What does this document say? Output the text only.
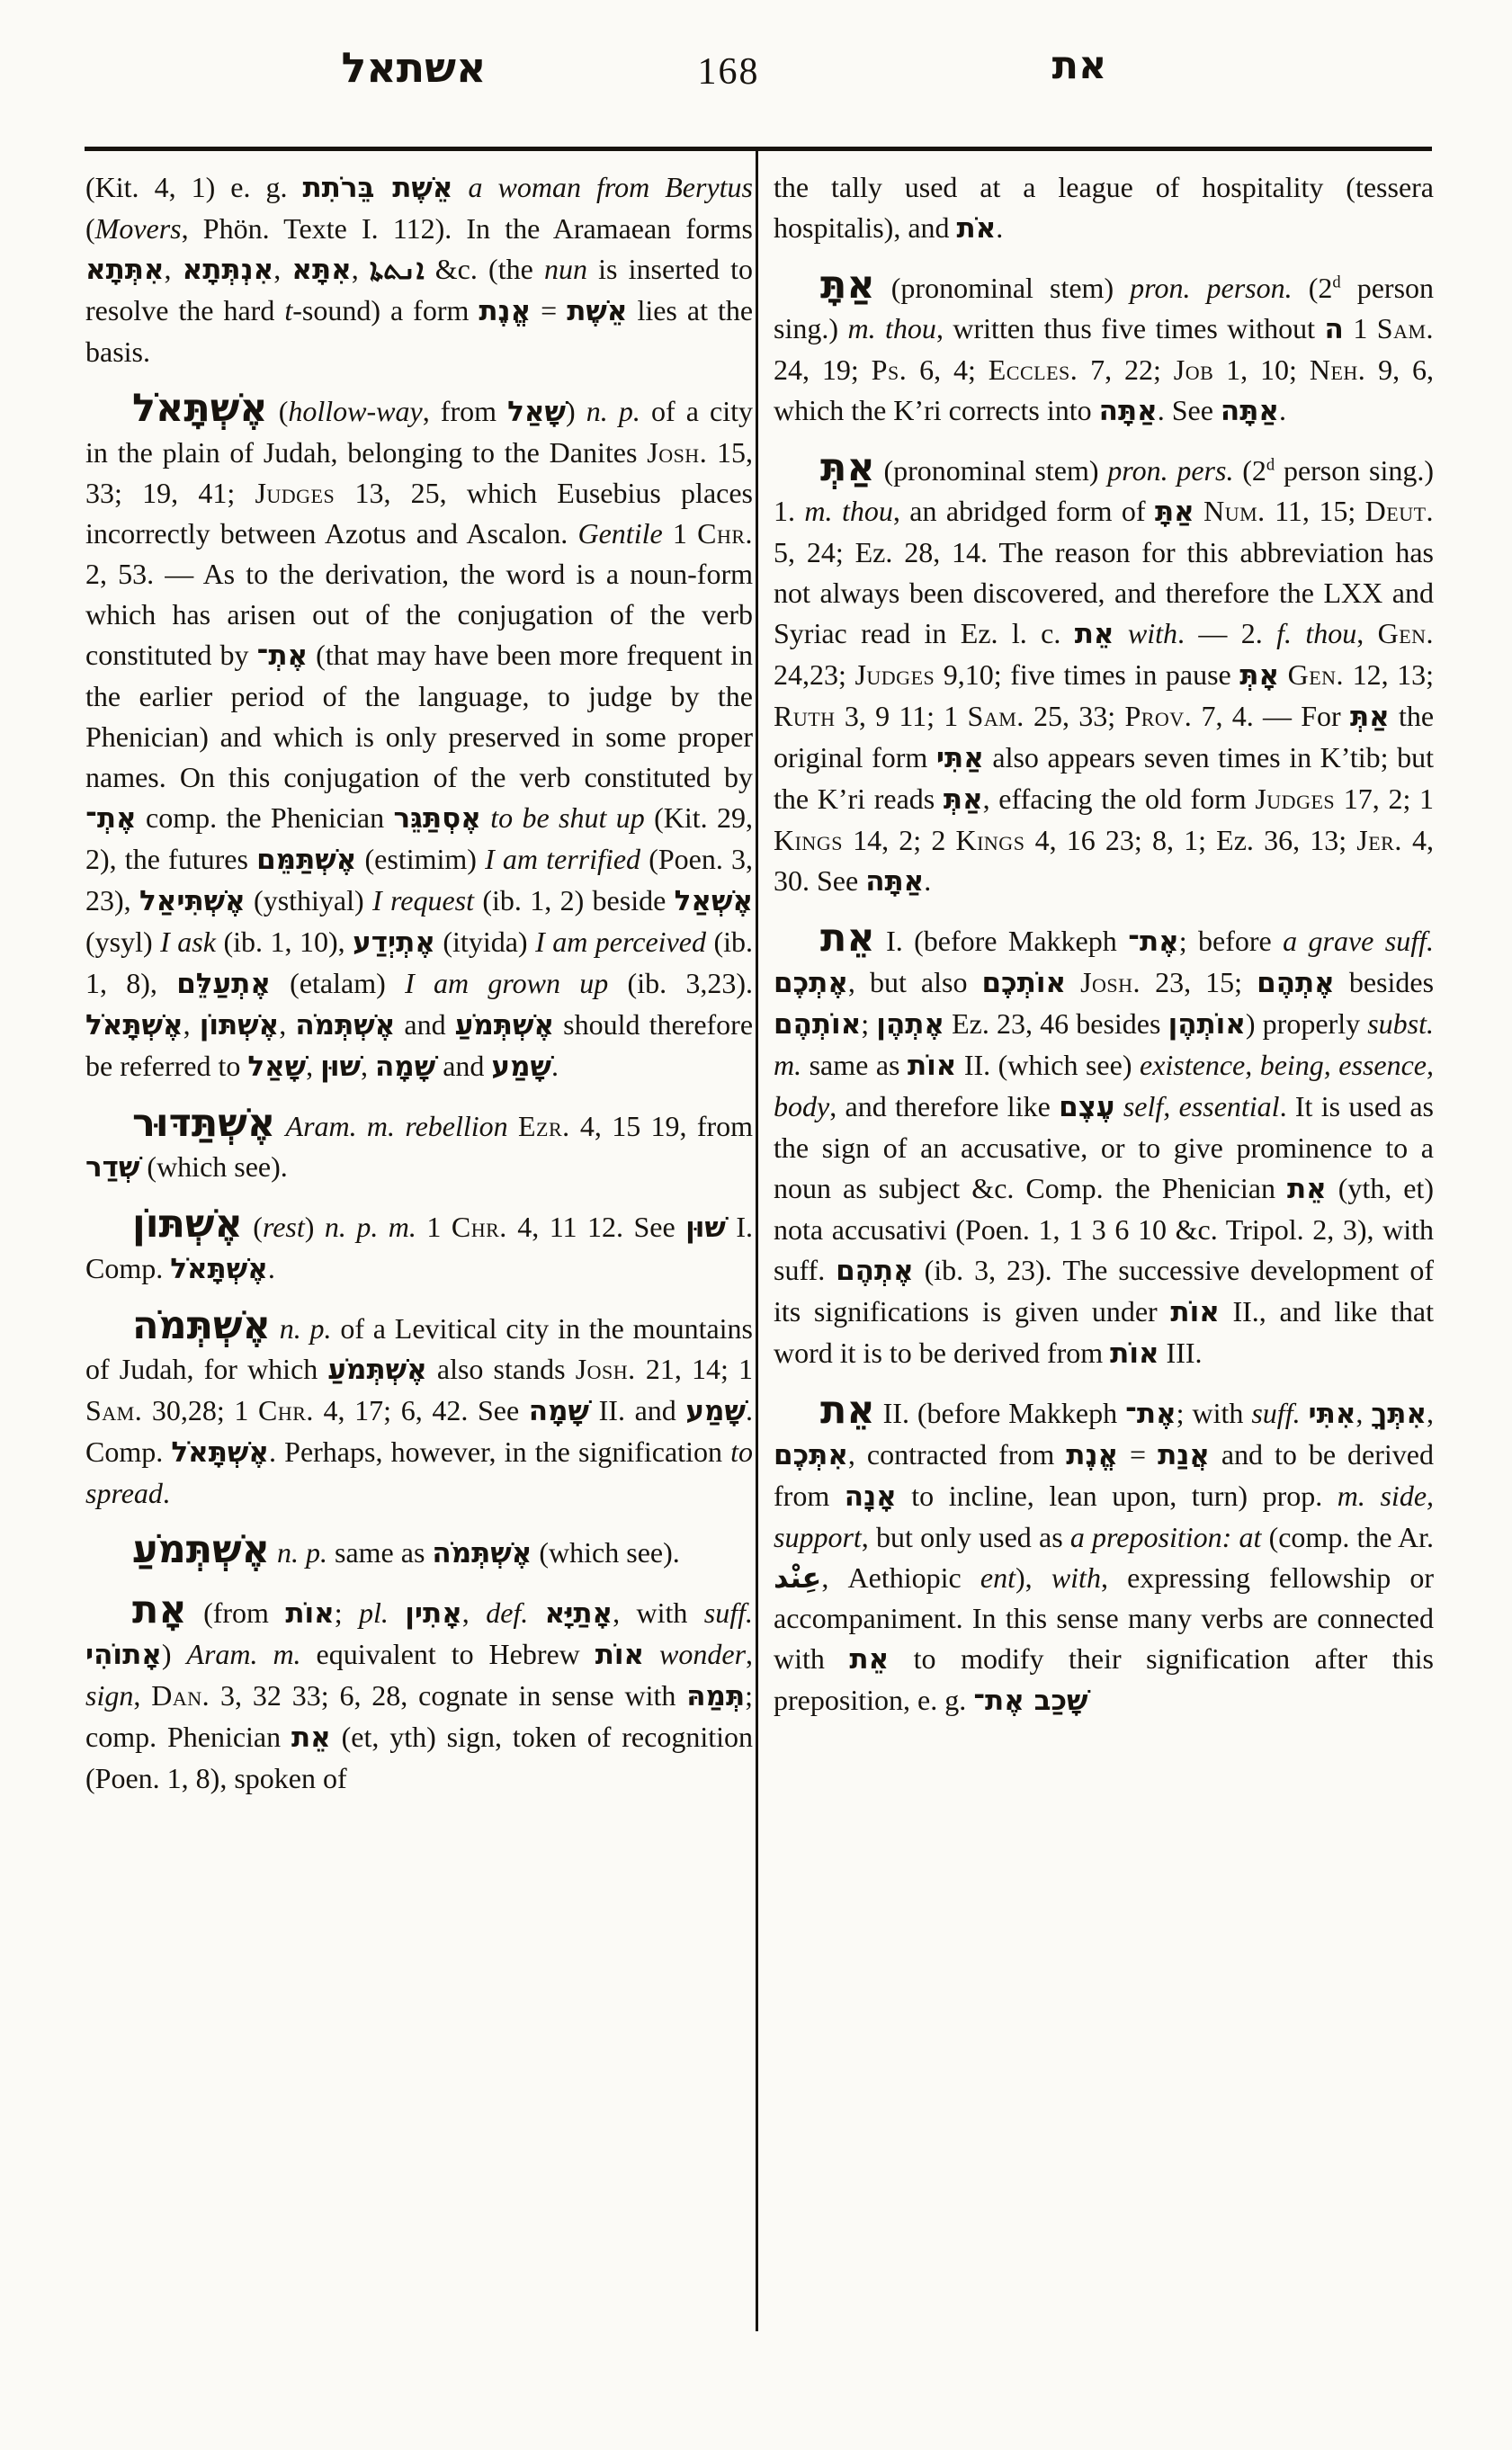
אשתאל	168	את

(Kit. 4, 1) e. g. אֵשֶׁת בֵּרֹתִת a woman from Berytus (Movers, Phön. Texte I. 112). In the Aramaean forms אִתְּתָא, אִנְתְּתָא, אִתָּא, ܐܢܬܬܐ &c. (the nun is inserted to resolve the hard t-sound) a form אֱנֶת = אֵשֶׁת lies at the basis.

אֶשְׁתָּאֹל (hollow-way, from שָׁאַל) n. p. of a city in the plain of Judah, belonging to the Danites Josh. 15, 33; 19, 41; Judges 13, 25, which Eusebius places incorrectly between Azotus and Ascalon. Gentile 1 Chr. 2, 53. — As to the derivation, the word is a noun-form which has arisen out of the conjugation of the verb constituted by אֶתְ־ (that may have been more frequent in the earlier period of the language, to judge by the Phenician) and which is only preserved in some proper names. On this conjugation of the verb constituted by אֶתְ־ comp. the Phenician אֶסְתַּגֵּר to be shut up (Kit. 29, 2), the futures אֶשְׁתַּמֵּם (estimim) I am terrified (Poen. 3, 23), אֶשְׁתִּיאַל (ysthiyal) I request (ib. 1, 2) beside אֶשְׁאַל (ysyl) I ask (ib. 1, 10), אֶתְיְדַע (ityida) I am perceived (ib. 1, 8), אֶתְעַלֵּם (etalam) I am grown up (ib. 3,23). אֶשְׁתָּאֹל, אֶשְׁתּוֹן, אֶשְׁתְּמֹה and אֶשְׁתְּמֹעַ should therefore be referred to שָׁאַל, שׁוּן, שָׁמָה and שָׁמַע.

אֶשְׁתַּדּוּר Aram. m. rebellion Ezr. 4, 15 19, from שְׁדַר (which see).

אֶשְׁתּוֹן (rest) n. p. m. 1 Chr. 4, 11 12. See שׁוּן I. Comp. אֶשְׁתָּאֹל.

אֶשְׁתְּמֹה n. p. of a Levitical city in the mountains of Judah, for which אֶשְׁתְּמֹעַ also stands Josh. 21, 14; 1 Sam. 30,28; 1 Chr. 4, 17; 6, 42. See שָׁמָה II. and שָׁמַע. Comp. אֶשְׁתָּאֹל. Perhaps, however, in the signification to spread.

אֶשְׁתְּמֹעַ n. p. same as אֶשְׁתְּמֹה (which see).

אָת (from אוֹת; pl. אָתִין, def. אָתַיָּא, with suff. אָתוֹהִי) Aram. m. equivalent to Hebrew אוֹת wonder, sign, Dan. 3, 32 33; 6, 28, cognate in sense with תְּמַהּ; comp. Phenician אֵת (et, yth) sign, token of recognition (Poen. 1, 8), spoken of

the tally used at a league of hospitality (tessera hospitalis), and אֹת.

אַתָּ (pronominal stem) pron. person. (2$^d$ person sing.) m. thou, written thus five times without ה 1 Sam. 24, 19; Ps. 6, 4; Eccles. 7, 22; Job 1, 10; Neh. 9, 6, which the K’ri corrects into אַתָּה. See אַתָּה.

אַתְּ (pronominal stem) pron. pers. (2$^d$ person sing.) 1. m. thou, an abridged form of אַתָּ Num. 11, 15; Deut. 5, 24; Ez. 28, 14. The reason for this abbreviation has not always been discovered, and therefore the LXX and Syriac read in Ez. l. c. אֵת with. — 2. f. thou, Gen. 24,23; Judges 9,10; five times in pause אָתְּ Gen. 12, 13; Ruth 3, 9 11; 1 Sam. 25, 33; Prov. 7, 4. — For אַתְּ the original form אַתִּי also appears seven times in K’tib; but the K’ri reads אַתְּ, effacing the old form Judges 17, 2; 1 Kings 14, 2; 2 Kings 4, 16 23; 8, 1; Ez. 36, 13; Jer. 4, 30. See אַתָּה.

אֵת I. (before Makkeph אֶת־; before a grave suff. אֶתְכֶם, but also אוֹתְכֶם Josh. 23, 15; אֶתְהֶם besides אוֹתְהֶם; אֶתְהֶן Ez. 23, 46 besides אוֹתְהֶן) properly subst. m. same as אוֹת II. (which see) existence, being, essence, body, and therefore like עֶצֶם self, essential. It is used as the sign of an accusative, or to give prominence to a noun as subject &c. Comp. the Phenician אֵת (yth, et) nota accusativi (Poen. 1, 1 3 6 10 &c. Tripol. 2, 3), with suff. אֶתְהֶם (ib. 3, 23). The successive development of its significations is given under אוֹת II., and like that word it is to be derived from אוֹת III.

אֵת II. (before Makkeph אֶת־; with suff. אִתִּי, אִתְּךָ, אִתְּכֶם, contracted from אֱנֶת = אֲנַת and to be derived from אָנָה to incline, lean upon, turn) prop. m. side, support, but only used as a preposition: at (comp. the Ar. عِنْد, Aethiopic ent), with, expressing fellowship or accompaniment. In this sense many verbs are connected with אֵת to modify their signification after this preposition, e. g. שָׁכַב אֶת־
